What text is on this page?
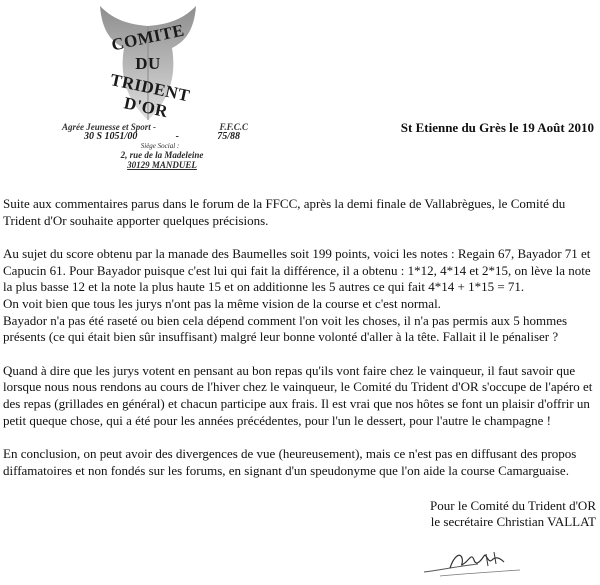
COMITE
DU
TRIDENT D'OR
Agrée Jeunesse et Sport -	F.F.C.C
30 S 1051/00	-	75/88
Siège Social :
2, rue de la Madeleine
30129 MANDUEL
St Etienne du Grès le 19 Août 2010

Suite aux commentaires parus dans le forum de la FFCC, après la demi finale de Vallabrègues, le Comité du Trident d'Or souhaite apporter quelques précisions.

Au sujet du score obtenu par la manade des Baumelles soit 199 points, voici les notes : Regain 67, Bayador 71 et Capucin 61. Pour Bayador puisque c'est lui qui fait la différence, il a obtenu : 1*12, 4*14 et 2*15, on lève la note la plus basse 12 et la note la plus haute 15 et on additionne les 5 autres ce qui fait 4*14 + 1*15 = 71.

On voit bien que tous les jurys n'ont pas la même vision de la course et c'est normal.

Bayador n'a pas été raseté ou bien cela dépend comment l'on voit les choses, il n'a pas permis aux 5 hommes présents (ce qui était bien sûr insuffisant) malgré leur bonne volonté d'aller à la tête. Fallait il le pénaliser ?

Quand à dire que les jurys votent en pensant au bon repas qu'ils vont faire chez le vainqueur, il faut savoir que lorsque nous nous rendons au cours de l'hiver chez le vainqueur, le Comité du Trident d'OR s'occupe de l'apéro et des repas (grillades en général) et chacun participe aux frais. Il est vrai que nos hôtes se font un plaisir d'offrir un petit queque chose, qui a été pour les années précédentes, pour l'un le dessert, pour l'autre le champagne !

En conclusion, on peut avoir des divergences de vue (heureusement), mais ce n'est pas en diffusant des propos diffamatoires et non fondés sur les forums, en signant d'un speudonyme que l'on aide la course Camarguaise.

Pour le Comité du Trident d'OR
le secrétaire Christian VALLAT
